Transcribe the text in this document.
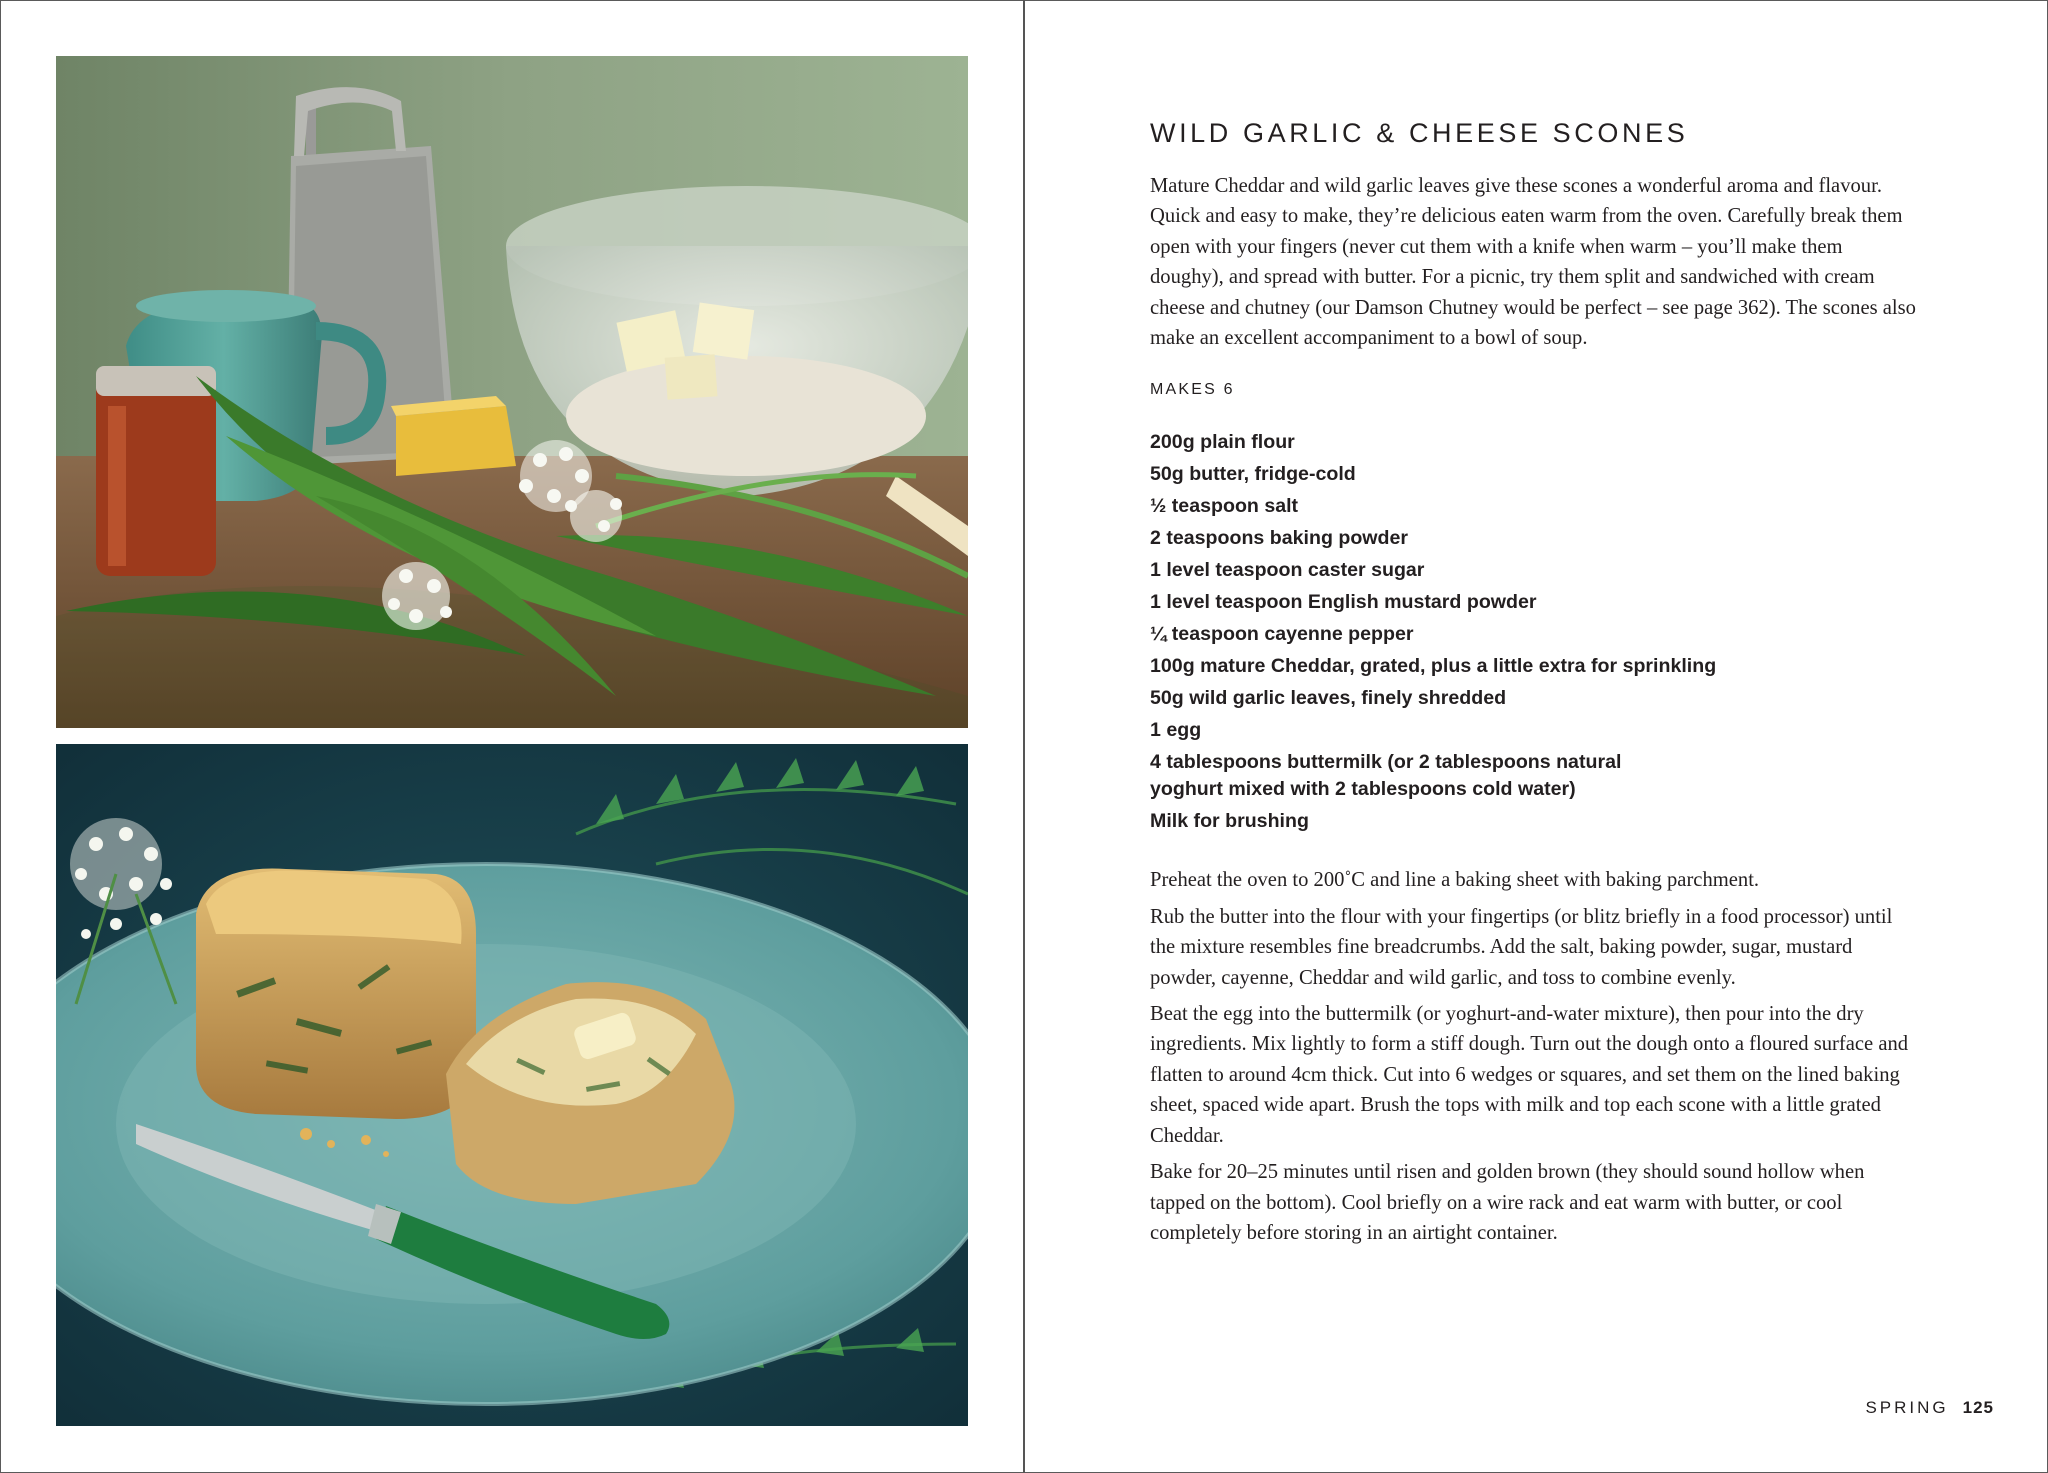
WILD GARLIC & CHEESE SCONES

Mature Cheddar and wild garlic leaves give these scones a wonderful aroma and flavour. Quick and easy to make, they’re delicious eaten warm from the oven. Carefully break them open with your fingers (never cut them with a knife when warm – you’ll make them doughy), and spread with butter. For a picnic, try them split and sandwiched with cream cheese and chutney (our Damson Chutney would be perfect – see page 362). The scones also make an excellent accompaniment to a bowl of soup.

MAKES 6
200g plain flour
50g butter, fridge-cold
½ teaspoon salt
2 teaspoons baking powder
1 level teaspoon caster sugar
1 level teaspoon English mustard powder
¼ teaspoon cayenne pepper
100g mature Cheddar, grated, plus a little extra for sprinkling
50g wild garlic leaves, finely shredded
1 egg
4 tablespoons buttermilk (or 2 tablespoons natural yoghurt mixed with 2 tablespoons cold water)
Milk for brushing

Preheat the oven to 200˚C and line a baking sheet with baking parchment.

Rub the butter into the flour with your fingertips (or blitz briefly in a food processor) until the mixture resembles fine breadcrumbs. Add the salt, baking powder, sugar, mustard powder, cayenne, Cheddar and wild garlic, and toss to combine evenly.

Beat the egg into the buttermilk (or yoghurt-and-water mixture), then pour into the dry ingredients. Mix lightly to form a stiff dough. Turn out the dough onto a floured surface and flatten to around 4cm thick. Cut into 6 wedges or squares, and set them on the lined baking sheet, spaced wide apart. Brush the tops with milk and top each scone with a little grated Cheddar.

Bake for 20–25 minutes until risen and golden brown (they should sound hollow when tapped on the bottom). Cool briefly on a wire rack and eat warm with butter, or cool completely before storing in an airtight container.

SPRING 125
